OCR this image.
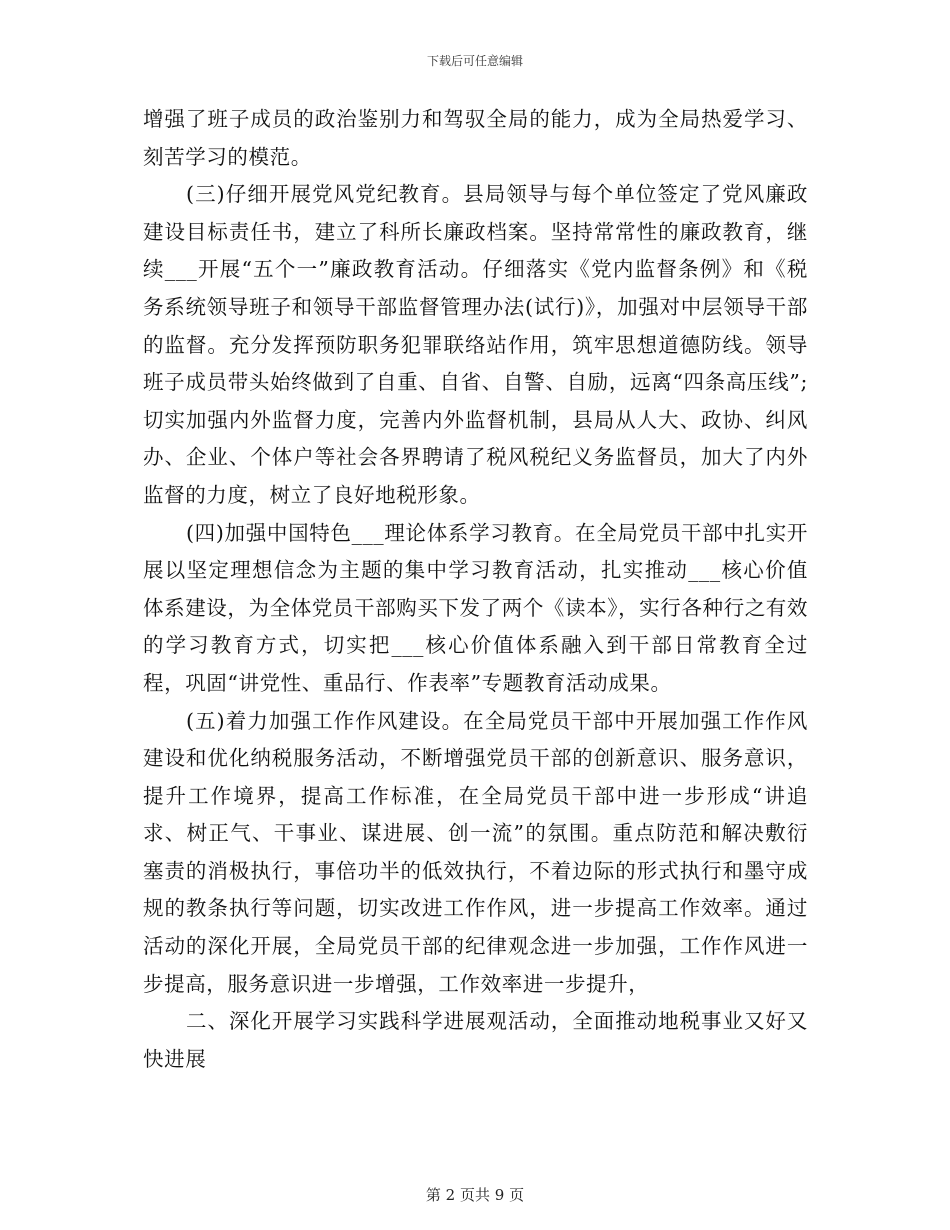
下载后可任意编辑

增强了班子成员的政治鉴别力和驾驭全局的能力，成为全局热爱学习、刻苦学习的模范。

(三)仔细开展党风党纪教育。县局领导与每个单位签定了党风廉政建设目标责任书，建立了科所长廉政档案。坚持常常性的廉政教育，继续___开展“五个一”廉政教育活动。仔细落实《党内监督条例》和《税务系统领导班子和领导干部监督管理办法(试行)》，加强对中层领导干部的监督。充分发挥预防职务犯罪联络站作用，筑牢思想道德防线。领导班子成员带头始终做到了自重、自省、自警、自励，远离“四条高压线”;切实加强内外监督力度，完善内外监督机制，县局从人大、政协、纠风办、企业、个体户等社会各界聘请了税风税纪义务监督员，加大了内外监督的力度，树立了良好地税形象。

(四)加强中国特色___理论体系学习教育。在全局党员干部中扎实开展以坚定理想信念为主题的集中学习教育活动，扎实推动___核心价值体系建设，为全体党员干部购买下发了两个《读本》，实行各种行之有效的学习教育方式，切实把___核心价值体系融入到干部日常教育全过程，巩固“讲党性、重品行、作表率”专题教育活动成果。

(五)着力加强工作作风建设。在全局党员干部中开展加强工作作风建设和优化纳税服务活动，不断增强党员干部的创新意识、服务意识，提升工作境界，提高工作标准，在全局党员干部中进一步形成“讲追求、树正气、干事业、谋进展、创一流”的氛围。重点防范和解决敷衍塞责的消极执行，事倍功半的低效执行，不着边际的形式执行和墨守成规的教条执行等问题，切实改进工作作风，进一步提高工作效率。通过活动的深化开展，全局党员干部的纪律观念进一步加强，工作作风进一步提高，服务意识进一步增强，工作效率进一步提升，

二、深化开展学习实践科学进展观活动，全面推动地税事业又好又快进展

第 2 页共 9 页
